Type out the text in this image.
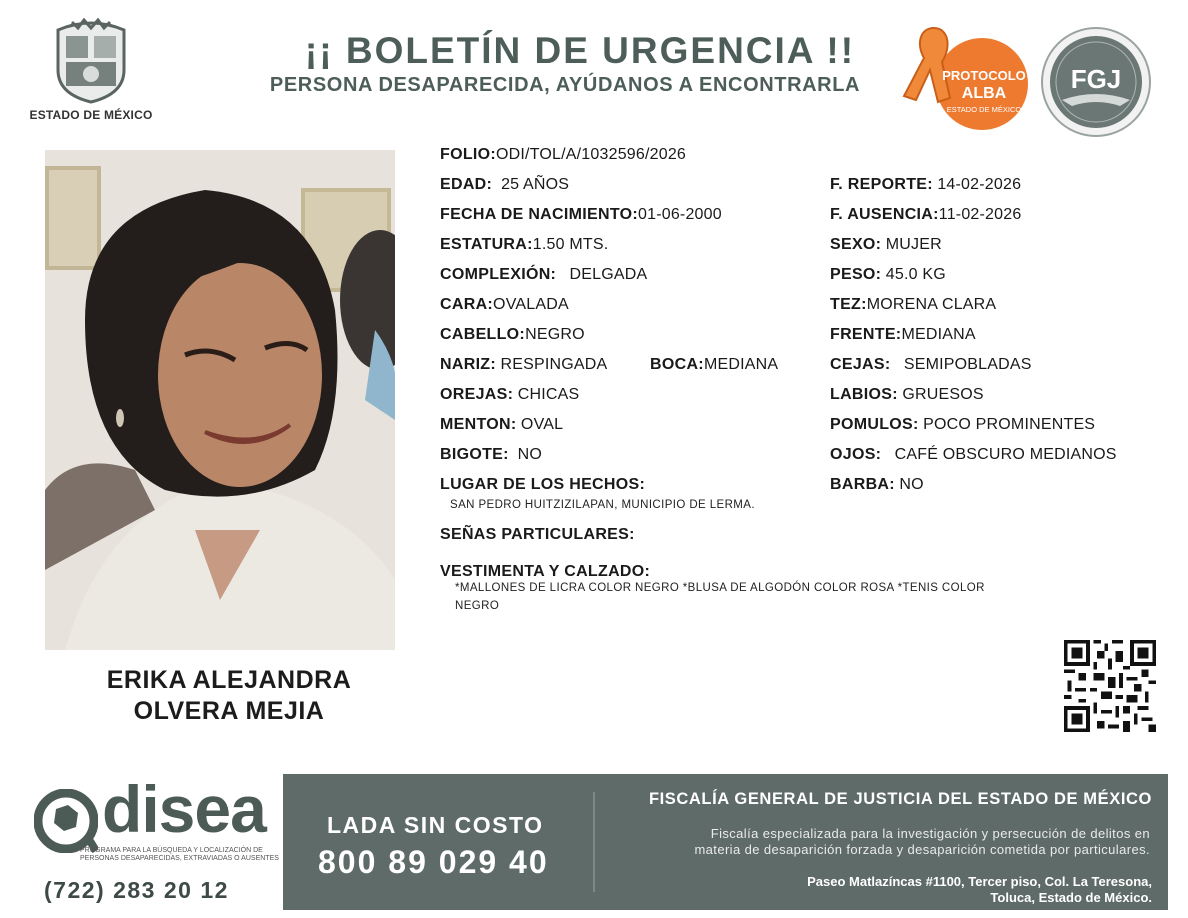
ESTADO DE MÉXICO
¡¡ BOLETÍN DE URGENCIA !!
PERSONA DESAPARECIDA, AYÚDANOS A ENCONTRARLA	PROTOCOLO
ALBA
ESTADO DE MÉXICO
FGJ
ERIKA ALEJANDRA
OLVERA MEJIA
FOLIO:ODI/TOL/A/1032596/2026
EDAD: 25 AÑOS
FECHA DE NACIMIENTO:01-06-2000
ESTATURA:1.50 MTS.
COMPLEXIÓN: DELGADA
CARA:OVALADA
CABELLO:NEGRO
NARIZ: RESPINGADA	BOCA:MEDIANA
OREJAS: CHICAS
MENTON: OVAL
BIGOTE: NO
LUGAR DE LOS HECHOS:
SAN PEDRO HUITZIZILAPAN, MUNICIPIO DE LERMA.
SEÑAS PARTICULARES:
VESTIMENTA Y CALZADO:
*MALLONES DE LICRA COLOR NEGRO *BLUSA DE ALGODÓN COLOR ROSA *TENIS COLOR
NEGRO
F. REPORTE: 14-02-2026
F. AUSENCIA:11-02-2026
SEXO: MUJER
PESO: 45.0 KG
TEZ:MORENA CLARA
FRENTE:MEDIANA
CEJAS: SEMIPOBLADAS
LABIOS: GRUESOS
POMULOS: POCO PROMINENTES
OJOS: CAFÉ OBSCURO MEDIANOS
BARBA: NO
disea
PROGRAMA PARA LA BÚSQUEDA Y LOCALIZACIÓN DE PERSONAS DESAPARECIDAS, EXTRAVIADAS O AUSENTES
(722) 283 20 12
LADA SIN COSTO
800 89 029 40
FISCALÍA GENERAL DE JUSTICIA DEL ESTADO DE MÉXICO
Fiscalía especializada para la investigación y persecución de delitos en
materia de desaparición forzada y desaparición cometida por particulares.
Paseo Matlazíncas #1100, Tercer piso, Col. La Teresona,
Toluca, Estado de México.
